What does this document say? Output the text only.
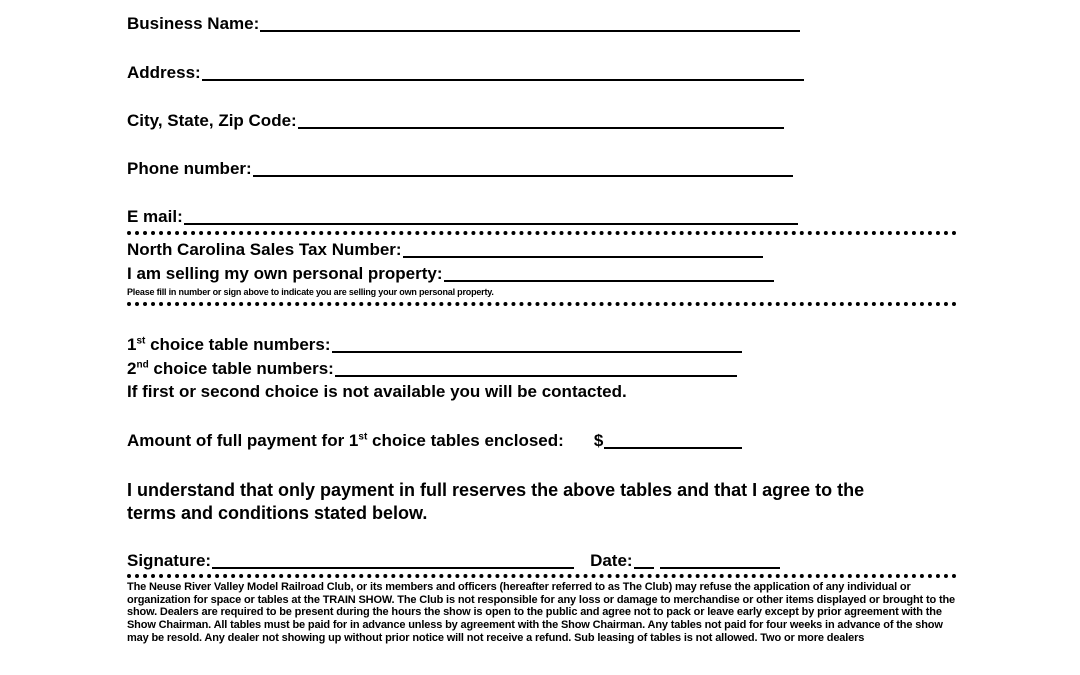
Business Name:
Address:
City, State, Zip Code:
Phone number:
E mail:
North Carolina Sales Tax Number:
I am selling my own personal property:
Please fill in number or sign above to indicate you are selling your own personal property.
1st choice table numbers:
2nd choice table numbers:
If first or second choice is not available you will be contacted.
Amount of full payment for 1st choice tables enclosed: $
I understand that only payment in full reserves the above tables and that I agree to the
terms and conditions stated below.
Signature:	Date:
The Neuse River Valley Model Railroad Club, or its members and officers (hereafter referred to as The Club) may refuse the application of any individual or organization for space or tables at the TRAIN SHOW. The Club is not responsible for any loss or damage to merchandise or other items displayed or brought to the show. Dealers are required to be present during the hours the show is open to the public and agree not to pack or leave early except by prior agreement with the Show Chairman. All tables must be paid for in advance unless by agreement with the Show Chairman. Any tables not paid for four weeks in advance of the show may be resold. Any dealer not showing up without prior notice will not receive a refund. Sub leasing of tables is not allowed. Two or more dealers
